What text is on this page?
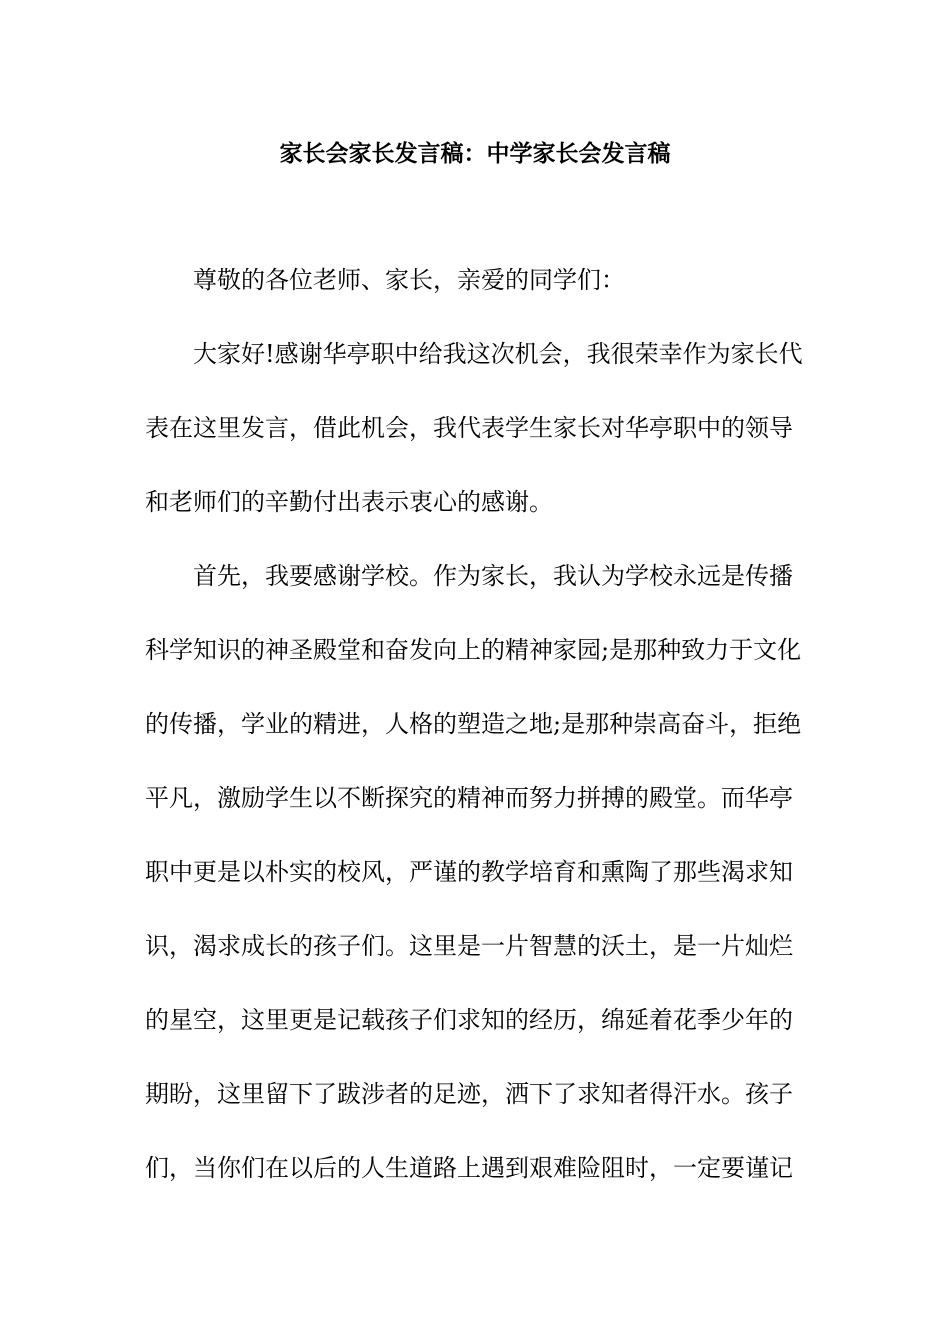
家长会家长发言稿：中学家长会发言稿
尊敬的各位老师、家长，亲爱的同学们：
大家好!感谢华亭职中给我这次机会，我很荣幸作为家长代
表在这里发言，借此机会，我代表学生家长对华亭职中的领导
和老师们的辛勤付出表示衷心的感谢。
首先，我要感谢学校。作为家长，我认为学校永远是传播
科学知识的神圣殿堂和奋发向上的精神家园;是那种致力于文化
的传播，学业的精进，人格的塑造之地;是那种崇高奋斗，拒绝
平凡，激励学生以不断探究的精神而努力拼搏的殿堂。而华亭
职中更是以朴实的校风，严谨的教学培育和熏陶了那些渴求知
识，渴求成长的孩子们。这里是一片智慧的沃土，是一片灿烂
的星空，这里更是记载孩子们求知的经历，绵延着花季少年的
期盼，这里留下了跋涉者的足迹，洒下了求知者得汗水。孩子
们，当你们在以后的人生道路上遇到艰难险阻时，一定要谨记
